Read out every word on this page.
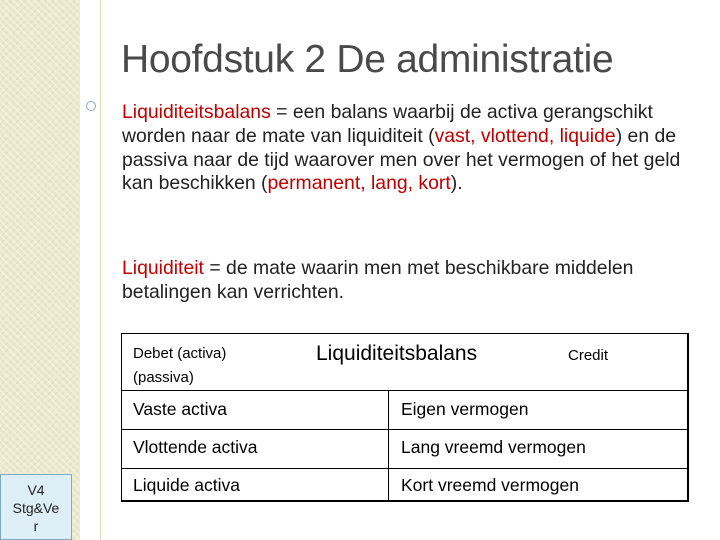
Hoofdstuk 2 De administratie
Liquiditeitsbalans = een balans waarbij de activa gerangschikt worden naar de mate van liquiditeit (vast, vlottend, liquide) en de passiva naar de tijd waarover men over het vermogen of het geld kan beschikken (permanent, lang, kort).
Liquiditeit = de mate waarin men met beschikbare middelen betalingen kan verrichten.
Debet (activa)
(passiva)
Liquiditeitsbalans	Credit
Vaste activa	Eigen vermogen
Vlottende activa	Lang vreemd vermogen
Liquide activa	Kort vreemd vermogen
V4
Stg&Ve
r
